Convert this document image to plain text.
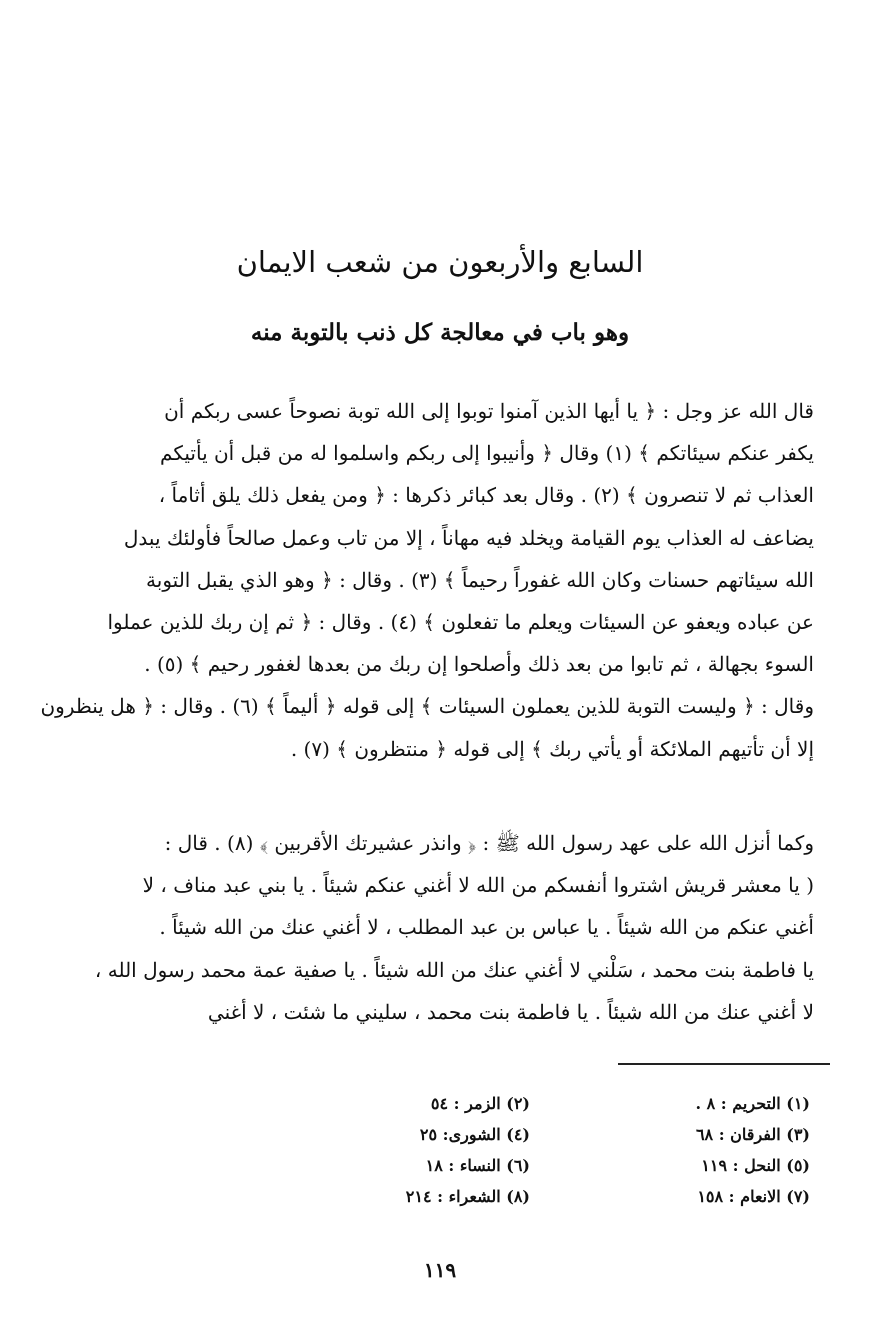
السابع والأربعون من شعب الايمان
وهو باب في معالجة كل ذنب بالتوبة منه
قال الله عز وجل : ﴿ يا أيها الذين آمنوا توبوا إلى الله توبة نصوحاً عسى ربكم أن
يكفر عنكم سيئاتكم ﴾ (١) وقال ﴿ وأنيبوا إلى ربكم واسلموا له من قبل أن يأتيكم
العذاب ثم لا تنصرون ﴾ (٢) . وقال بعد كبائر ذكرها : ﴿ ومن يفعل ذلك يلق أثاماً ،
يضاعف له العذاب يوم القيامة ويخلد فيه مهاناً ، إلا من تاب وعمل صالحاً فأولئك يبدل
الله سيئاتهم حسنات وكان الله غفوراً رحيماً ﴾ (٣) . وقال : ﴿ وهو الذي يقبل التوبة
عن عباده ويعفو عن السيئات ويعلم ما تفعلون ﴾ (٤) . وقال : ﴿ ثم إن ربك للذين عملوا
السوء بجهالة ، ثم تابوا من بعد ذلك وأصلحوا إن ربك من بعدها لغفور رحيم ﴾ (٥) .
وقال : ﴿ وليست التوبة للذين يعملون السيئات ﴾ إلى قوله ﴿ أليماً ﴾ (٦) . وقال : ﴿ هل ينظرون
إلا أن تأتيهم الملائكة أو يأتي ربك ﴾ إلى قوله ﴿ منتظرون ﴾ (٧) .
وكما أنزل الله على عهد رسول الله ﷺ : ﴿ وانذر عشيرتك الأقربين ﴾ (٨) . قال :
( يا معشر قريش اشتروا أنفسكم من الله لا أغني عنكم شيئاً . يا بني عبد مناف ، لا
أغني عنكم من الله شيئاً . يا عباس بن عبد المطلب ، لا أغني عنك من الله شيئاً .
يا فاطمة بنت محمد ، سَلْني لا أغني عنك من الله شيئاً . يا صفية عمة محمد رسول الله ،
لا أغني عنك من الله شيئاً . يا فاطمة بنت محمد ، سليني ما شئت ، لا أغني
(١) التحريم : ٨ .
(٣) الفرقان : ٦٨
(٥) النحل : ١١٩
(٧) الانعام : ١٥٨
(٢) الزمر : ٥٤
(٤) الشورى: ٢٥
(٦) النساء : ١٨
(٨) الشعراء : ٢١٤
١١٩
